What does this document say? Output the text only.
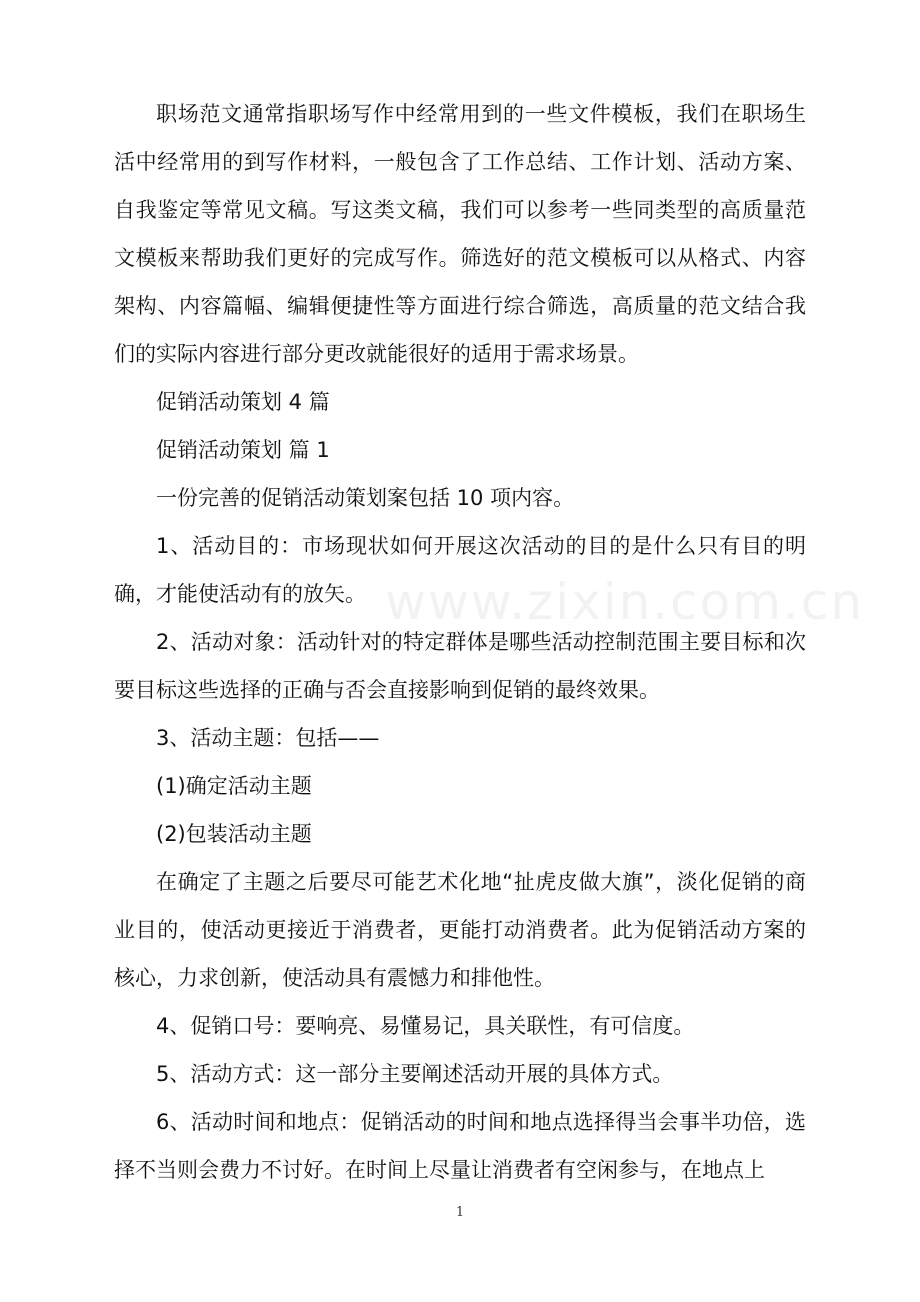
www.zixin.com.cn

职场范文通常指职场写作中经常用到的一些文件模板，我们在职场生活中经常用的到写作材料，一般包含了工作总结、工作计划、活动方案、自我鉴定等常见文稿。写这类文稿，我们可以参考一些同类型的高质量范文模板来帮助我们更好的完成写作。筛选好的范文模板可以从格式、内容架构、内容篇幅、编辑便捷性等方面进行综合筛选，高质量的范文结合我们的实际内容进行部分更改就能很好的适用于需求场景。

促销活动策划 4 篇

促销活动策划 篇 1

一份完善的促销活动策划案包括 10 项内容。

1、活动目的：市场现状如何开展这次活动的目的是什么只有目的明确，才能使活动有的放矢。

2、活动对象：活动针对的特定群体是哪些活动控制范围主要目标和次要目标这些选择的正确与否会直接影响到促销的最终效果。

3、活动主题：包括——

(1)确定活动主题

(2)包装活动主题

在确定了主题之后要尽可能艺术化地“扯虎皮做大旗”，淡化促销的商业目的，使活动更接近于消费者，更能打动消费者。此为促销活动方案的核心，力求创新，使活动具有震憾力和排他性。

4、促销口号：要响亮、易懂易记，具关联性，有可信度。

5、活动方式：这一部分主要阐述活动开展的具体方式。

6、活动时间和地点：促销活动的时间和地点选择得当会事半功倍，选择不当则会费力不讨好。在时间上尽量让消费者有空闲参与，在地点上

1
